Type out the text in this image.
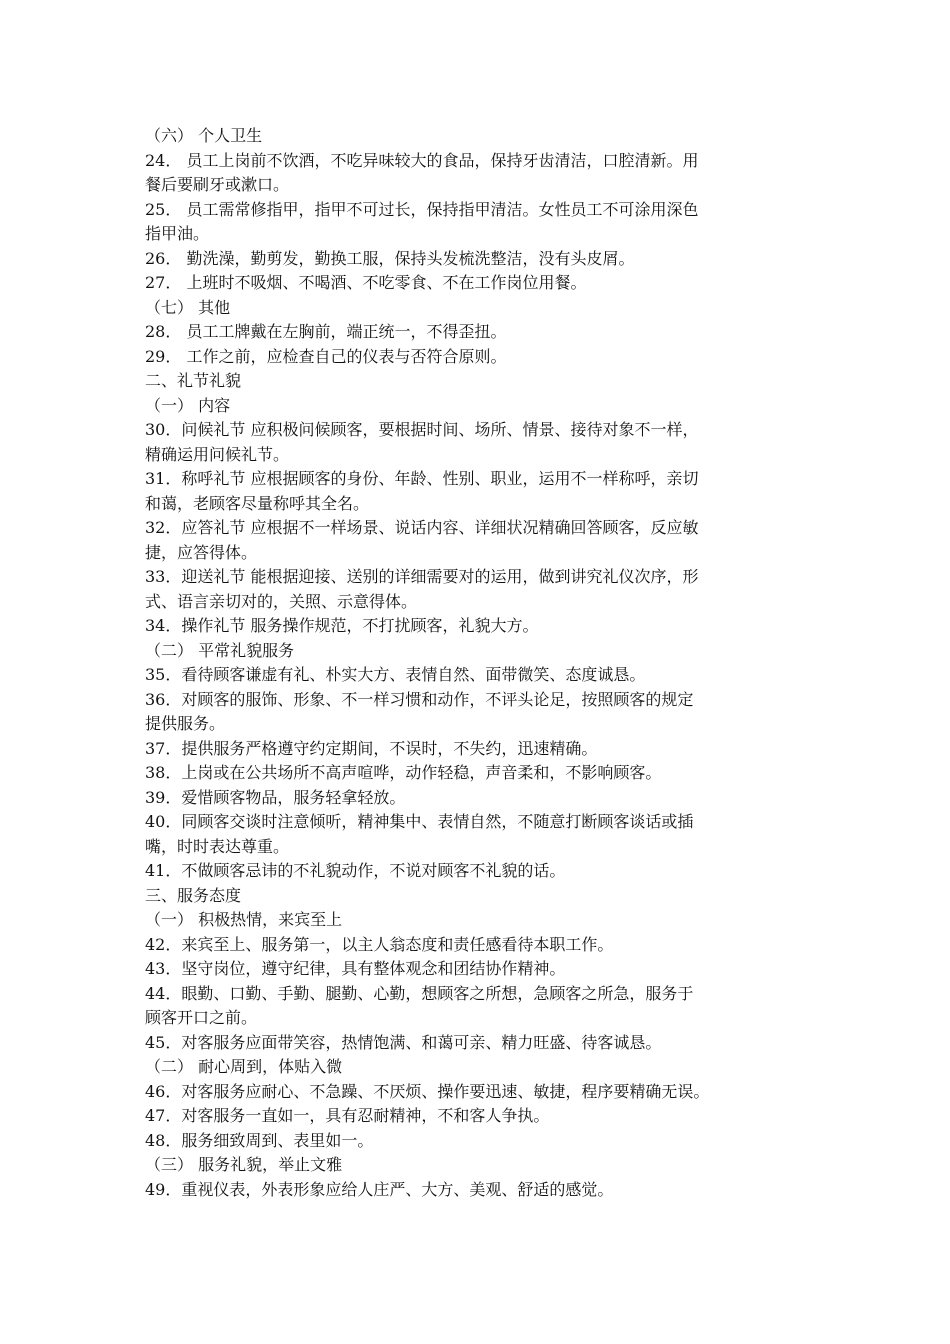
（六） 个人卫生
24． 员工上岗前不饮酒，不吃异味较大的食品，保持牙齿清洁，口腔清新。用
餐后要刷牙或漱口。
25． 员工需常修指甲，指甲不可过长，保持指甲清洁。女性员工不可涂用深色
指甲油。
26． 勤洗澡，勤剪发，勤换工服，保持头发梳洗整洁，没有头皮屑。
27． 上班时不吸烟、不喝酒、不吃零食、不在工作岗位用餐。
（七） 其他
28． 员工工牌戴在左胸前，端正统一，不得歪扭。
29． 工作之前，应检查自己的仪表与否符合原则。
二、礼节礼貌
（一） 内容
30．问候礼节 应积极问候顾客，要根据时间、场所、情景、接待对象不一样，
精确运用问候礼节。
31．称呼礼节 应根据顾客的身份、年龄、性别、职业，运用不一样称呼，亲切
和蔼，老顾客尽量称呼其全名。
32．应答礼节 应根据不一样场景、说话内容、详细状况精确回答顾客，反应敏
捷，应答得体。
33．迎送礼节 能根据迎接、送别的详细需要对的运用，做到讲究礼仪次序，形
式、语言亲切对的，关照、示意得体。
34．操作礼节 服务操作规范，不打扰顾客，礼貌大方。
（二） 平常礼貌服务
35．看待顾客谦虚有礼、朴实大方、表情自然、面带微笑、态度诚恳。
36．对顾客的服饰、形象、不一样习惯和动作，不评头论足，按照顾客的规定
提供服务。
37．提供服务严格遵守约定期间，不误时，不失约，迅速精确。
38．上岗或在公共场所不高声喧哗，动作轻稳，声音柔和，不影响顾客。
39．爱惜顾客物品，服务轻拿轻放。
40．同顾客交谈时注意倾听，精神集中、表情自然，不随意打断顾客谈话或插
嘴，时时表达尊重。
41．不做顾客忌讳的不礼貌动作，不说对顾客不礼貌的话。
三、服务态度
（一） 积极热情，来宾至上
42．来宾至上、服务第一，以主人翁态度和责任感看待本职工作。
43．坚守岗位，遵守纪律，具有整体观念和团结协作精神。
44．眼勤、口勤、手勤、腿勤、心勤，想顾客之所想，急顾客之所急，服务于
顾客开口之前。
45．对客服务应面带笑容，热情饱满、和蔼可亲、精力旺盛、待客诚恳。
（二） 耐心周到，体贴入微
46．对客服务应耐心、不急躁、不厌烦、操作要迅速、敏捷，程序要精确无误。
47．对客服务一直如一，具有忍耐精神，不和客人争执。
48．服务细致周到、表里如一。
（三） 服务礼貌，举止文雅
49．重视仪表，外表形象应给人庄严、大方、美观、舒适的感觉。
